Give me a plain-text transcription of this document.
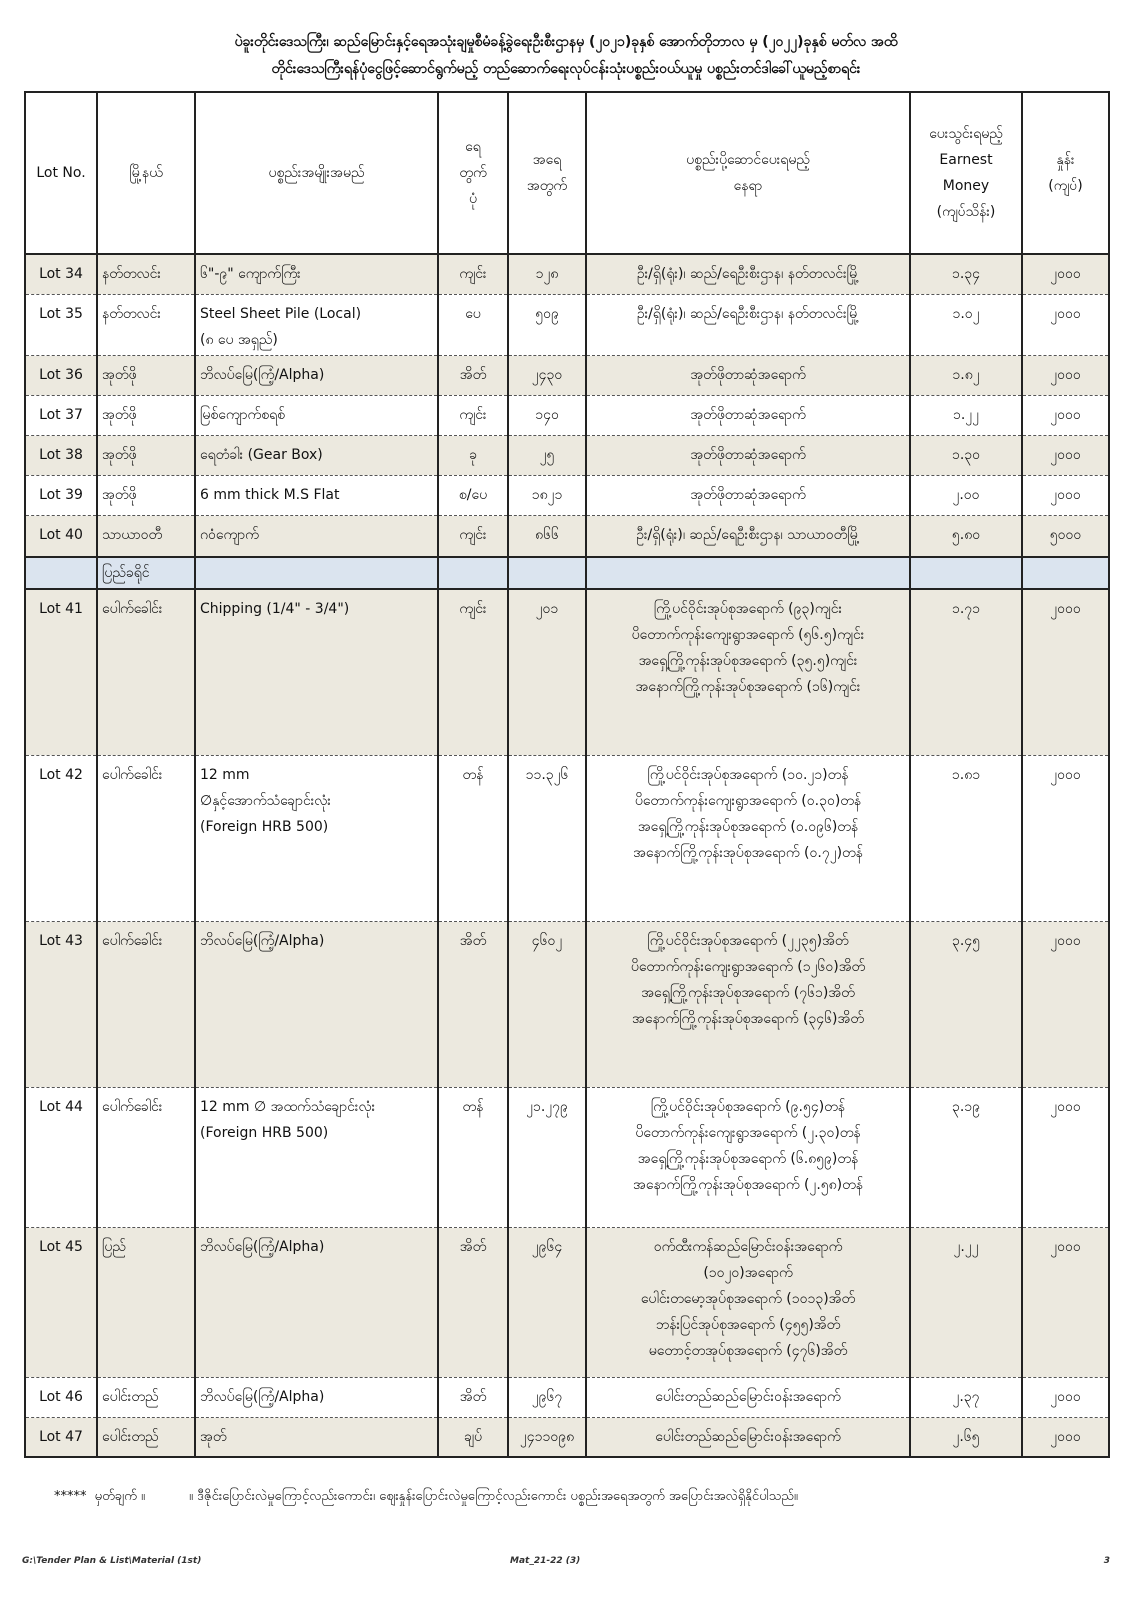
ပဲခူးတိုင်းဒေသကြီး၊ ဆည်မြောင်းနှင့်ရေအသုံးချမှုစီမံခန့်ခွဲရေးဦးစီးဌာနမှ (၂၀၂၁)ခုနှစ် အောက်တိုဘာလ မှ (၂၀၂၂)ခုနှစ် မတ်လ အထိ
တိုင်းဒေသကြီးရန်ပုံငွေဖြင့်ဆောင်ရွက်မည့် တည်ဆောက်ရေးလုပ်ငန်းသုံးပစ္စည်းဝယ်ယူမှု ပစ္စည်းတင်ဒါခေါ်ယူမည့်စာရင်း
Lot No.	မြို့နယ်	ပစ္စည်းအမျိုးအမည်	ရေ
တွက်
ပုံ	အရေ
အတွက်	ပစ္စည်းပို့ဆောင်ပေးရမည့်
နေရာ	ပေးသွင်းရမည့်
Earnest
Money
(ကျပ်သိန်း)	နှုန်း
(ကျပ်)
Lot 34	နတ်တလင်း	၆"-၉" ကျောက်ကြီး	ကျင်း	၁၂၈	ဦး/ရှိ(ရုံး)၊ ဆည်/ရေဦးစီးဌာန၊ နတ်တလင်းမြို့	၁.၃၄	၂၀၀၀
Lot 35	နတ်တလင်း	Steel Sheet Pile (Local)
(၈ ပေ အရှည်)	ပေ	၅၀၉	ဦး/ရှိ(ရုံး)၊ ဆည်/ရေဦးစီးဌာန၊ နတ်တလင်းမြို့	၁.၀၂	၂၀၀၀
Lot 36	အုတ်ဖို	ဘိလပ်မြေ(ကြံ့/Alpha)	အိတ်	၂၄၃၀	အုတ်ဖိုတာဆုံအရောက်	၁.၈၂	၂၀၀၀
Lot 37	အုတ်ဖို	မြစ်ကျောက်စရစ်	ကျင်း	၁၄၀	အုတ်ဖိုတာဆုံအရောက်	၁.၂၂	၂၀၀၀
Lot 38	အုတ်ဖို	ရေတံခါး (Gear Box)	ခု	၂၅	အုတ်ဖိုတာဆုံအရောက်	၁.၃၀	၂၀၀၀
Lot 39	အုတ်ဖို	6 mm thick M.S Flat	စ/ပေ	၁၈၂၁	အုတ်ဖိုတာဆုံအရောက်	၂.၀၀	၂၀၀၀
Lot 40	သာယာဝတီ	ဂဝံကျောက်	ကျင်း	၈၆၆	ဦး/ရှိ(ရုံး)၊ ဆည်/ရေဦးစီးဌာန၊ သာယာဝတီမြို့	၅.၈၀	၅၀၀၀
	ပြည်ခရိုင်						
Lot 41	ပေါက်ခေါင်း	Chipping (1/4" - 3/4")	ကျင်း	၂၀၁	ကြို့ပင်ဝိုင်းအုပ်စုအရောက် (၉၃)ကျင်း
ပိတောက်ကုန်းကျေးရွာအရောက် (၅၆.၅)ကျင်း
အရှေ့ကြို့ကုန်းအုပ်စုအရောက် (၃၅.၅)ကျင်း
အနောက်ကြို့ကုန်းအုပ်စုအရောက် (၁၆)ကျင်း	၁.၇၁	၂၀၀၀
Lot 42	ပေါက်ခေါင်း	12 mm
∅နှင့်အောက်သံချောင်းလုံး
(Foreign HRB 500)	တန်	၁၁.၃၂၆	ကြို့ပင်ဝိုင်းအုပ်စုအရောက် (၁၀.၂၁)တန်
ပိတောက်ကုန်းကျေးရွာအရောက် (၀.၃၀)တန်
အရှေ့ကြို့ကုန်းအုပ်စုအရောက် (၀.၀၉၆)တန်
အနောက်ကြို့ကုန်းအုပ်စုအရောက် (၀.၇၂)တန်	၁.၈၁	၂၀၀၀
Lot 43	ပေါက်ခေါင်း	ဘိလပ်မြေ(ကြံ့/Alpha)	အိတ်	၄၆၀၂	ကြို့ပင်ဝိုင်းအုပ်စုအရောက် (၂၂၃၅)အိတ်
ပိတောက်ကုန်းကျေးရွာအရောက် (၁၂၆၀)အိတ်
အရှေ့ကြို့ကုန်းအုပ်စုအရောက် (၇၆၁)အိတ်
အနောက်ကြို့ကုန်းအုပ်စုအရောက် (၃၄၆)အိတ်	၃.၄၅	၂၀၀၀
Lot 44	ပေါက်ခေါင်း	12 mm ∅ အထက်သံချောင်းလုံး
(Foreign HRB 500)	တန်	၂၁.၂၇၉	ကြို့ပင်ဝိုင်းအုပ်စုအရောက် (၉.၅၄)တန်
ပိတောက်ကုန်းကျေးရွာအရောက် (၂.၃၀)တန်
အရှေ့ကြို့ကုန်းအုပ်စုအရောက် (၆.၈၅၉)တန်
အနောက်ကြို့ကုန်းအုပ်စုအရောက် (၂.၅၈)တန်	၃.၁၉	၂၀၀၀
Lot 45	ပြည်	ဘိလပ်မြေ(ကြံ့/Alpha)	အိတ်	၂၉၆၄	ဝက်ထီးကန်ဆည်မြောင်းဝန်းအရောက်
(၁၀၂၀)အရောက်
ပေါင်းတမော့အုပ်စုအရောက် (၁၀၁၃)အိတ်
ဘန်းပြင်အုပ်စုအရောက် (၄၅၅)အိတ်
မတောင့်တအုပ်စုအရောက် (၄၇၆)အိတ်	၂.၂၂	၂၀၀၀
Lot 46	ပေါင်းတည်	ဘိလပ်မြေ(ကြံ့/Alpha)	အိတ်	၂၉၆၇	ပေါင်းတည်ဆည်မြောင်းဝန်းအရောက်	၂.၃၇	၂၀၀၀
Lot 47	ပေါင်းတည်	အုတ်	ချပ်	၂၄၁၁၀၉၈	ပေါင်းတည်ဆည်မြောင်းဝန်းအရောက်	၂.၆၅	၂၀၀၀
***** မှတ်ချက် ။	။ ဒီဇိုင်းပြောင်းလဲမှုကြောင့်လည်းကောင်း၊ ဈေးနှုန်းပြောင်းလဲမှုကြောင့်လည်းကောင်း ပစ္စည်းအရေအတွက် အပြောင်းအလဲရှိနိုင်ပါသည်။
G:\Tender Plan & List\Material (1st)	Mat_21-22 (3)	3
